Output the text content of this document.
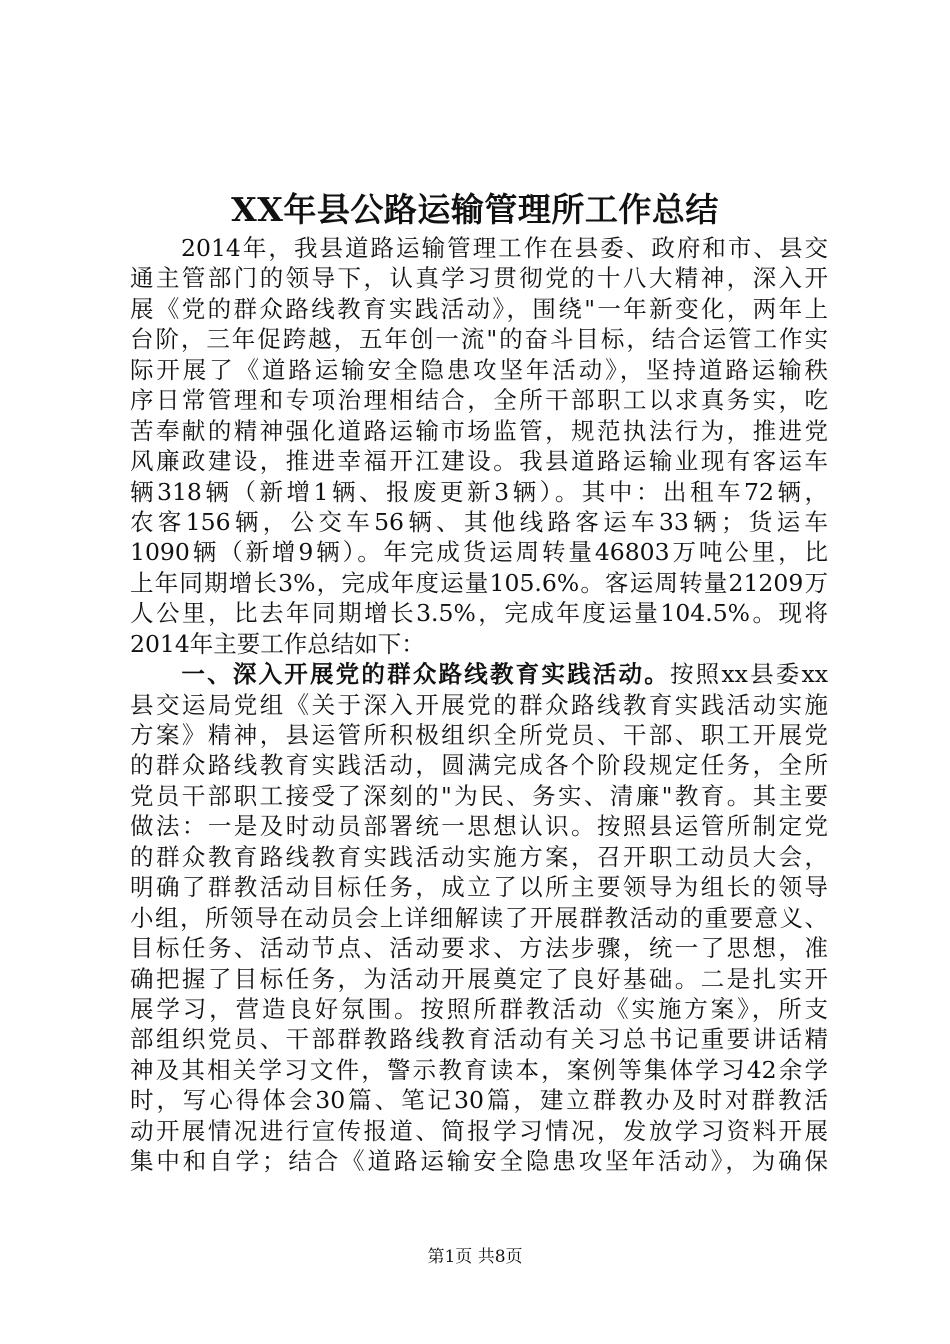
XX年县公路运输管理所工作总结
　　2014年，我县道路运输管理工作在县委、政府和市、县交
通主管部门的领导下，认真学习贯彻党的十八大精神，深入开
展《党的群众路线教育实践活动》，围绕"一年新变化，两年上
台阶，三年促跨越，五年创一流"的奋斗目标，结合运管工作实
际开展了《道路运输安全隐患攻坚年活动》，坚持道路运输秩
序日常管理和专项治理相结合，全所干部职工以求真务实，吃
苦奉献的精神强化道路运输市场监管，规范执法行为，推进党
风廉政建设，推进幸福开江建设。我县道路运输业现有客运车
辆318辆（新增1辆、报废更新3辆）。其中：出租车72辆，
农客156辆，公交车56辆、其他线路客运车33辆；货运车
1090辆（新增9辆）。年完成货运周转量46803万吨公里，比
上年同期增长3%，完成年度运量105.6%。客运周转量21209万
人公里，比去年同期增长3.5%，完成年度运量104.5%。现将
2014年主要工作总结如下：
　　一、深入开展党的群众路线教育实践活动。按照xx县委xx
县交运局党组《关于深入开展党的群众路线教育实践活动实施
方案》精神，县运管所积极组织全所党员、干部、职工开展党
的群众路线教育实践活动，圆满完成各个阶段规定任务，全所
党员干部职工接受了深刻的"为民、务实、清廉"教育。其主要
做法：一是及时动员部署统一思想认识。按照县运管所制定党
的群众教育路线教育实践活动实施方案，召开职工动员大会，
明确了群教活动目标任务，成立了以所主要领导为组长的领导
小组，所领导在动员会上详细解读了开展群教活动的重要意义、
目标任务、活动节点、活动要求、方法步骤，统一了思想，准
确把握了目标任务，为活动开展奠定了良好基础。二是扎实开
展学习，营造良好氛围。按照所群教活动《实施方案》，所支
部组织党员、干部群教路线教育活动有关习总书记重要讲话精
神及其相关学习文件，警示教育读本，案例等集体学习42余学
时，写心得体会30篇、笔记30篇，建立群教办及时对群教活
动开展情况进行宣传报道、简报学习情况，发放学习资料开展
集中和自学；结合《道路运输安全隐患攻坚年活动》，为确保
第1页 共8页
